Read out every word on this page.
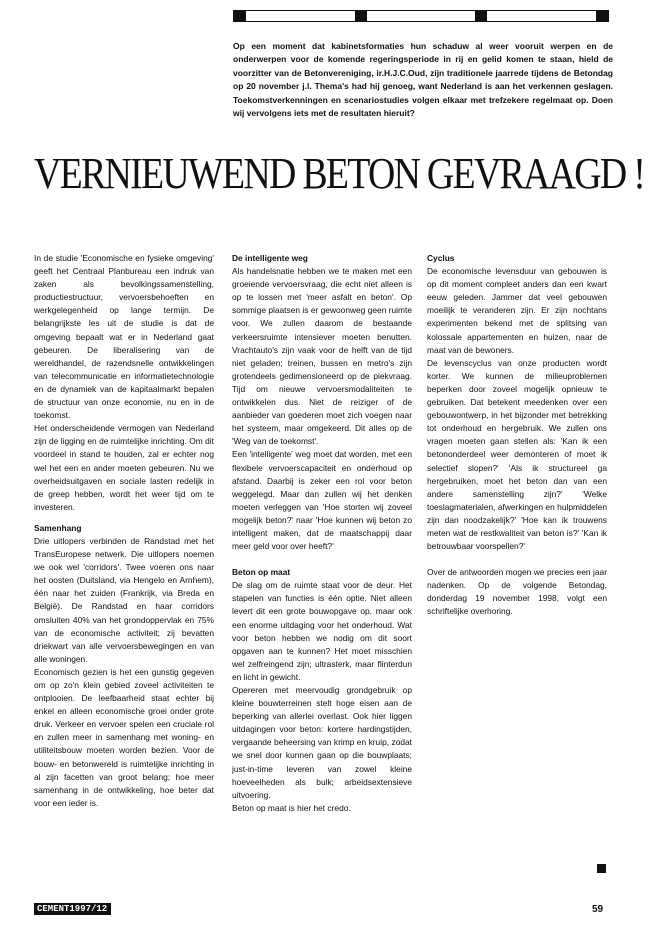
Op een moment dat kabinetsformaties hun schaduw al weer vooruit werpen en de onderwerpen voor de komende regeringsperiode in rij en gelid komen te staan, hield de voorzitter van de Betonvereniging, ir.H.J.C.Oud, zijn traditionele jaarrede tijdens de Betondag op 20 november j.l. Thema's had hij genoeg, want Nederland is aan het verkennen geslagen. Toekomstverkenningen en scenariostudies volgen elkaar met trefzekere regelmaat op. Doen wij vervolgens iets met de resultaten hieruit?

VERNIEUWEND BETON GEVRAAGD !

In de studie 'Economische en fysieke omgeving' geeft het Centraal Planbureau een indruk van zaken als bevolkingssamenstelling, productiestructuur, vervoersbehoeften en werkgelegenheid op lange termijn. De belangrijkste les uit de studie is dat de omgeving bepaalt wat er in Nederland gaat gebeuren. De liberalisering van de wereldhandel, de razendsnelle ontwikkelingen van telecommunicatie en informatietechnologie en de dynamiek van de kapitaalmarkt bepalen de structuur van onze economie, nu en in de toekomst.

Het onderscheidende vermogen van Nederland zijn de ligging en de ruimtelijke inrichting. Om dit voordeel in stand te houden, zal er echter nog wel het een en ander moeten gebeuren. Nu we overheidsuitgaven en sociale lasten redelijk in de greep hebben, wordt het weer tijd om te investeren.

Samenhang

Drie uitlopers verbinden de Randstad met het TransEuropese netwerk. Die uitlopers noemen we ook wel 'corridors'. Twee voeren ons naar het oosten (Duitsland, via Hengelo en Arnhem), één naar het zuiden (Frankrijk, via Breda en België). De Randstad en haar corridors omsluiten 40% van het grondoppervlak en 75% van de economische activiteit; zij bevatten driekwart van alle vervoersbewegingen en van alle woningen.

Economisch gezien is het een gunstig gegeven om op zo'n klein gebied zoveel activiteiten te ontplooien. De leefbaarheid staat echter bij enkel en alleen economische groei onder grote druk. Verkeer en vervoer spelen een cruciale rol en zullen meer in samenhang met woning- en utiliteitsbouw moeten worden bezien. Voor de bouw- en betonwereld is ruimtelijke inrichting in al zijn facetten van groot belang; hoe meer samenhang in de ontwikkeling, hoe beter dat voor een ieder is.

De intelligente weg

Als handelsnatie hebben we te maken met een groeiende vervoersvraag, die echt niet alleen is op te lossen met 'meer asfalt en beton'. Op sommige plaatsen is er gewoonweg geen ruimte voor. We zullen daarom de bestaande verkeersruimte intensiever moeten benutten. Vrachtauto's zijn vaak voor de helft van de tijd niet geladen; treinen, bussen en metro's zijn grotendeels gedimensioneerd op de piekvraag. Tijd om nieuwe vervoersmodaliteiten te ontwikkelen dus. Niet de reiziger of de aanbieder van goederen moet zich voegen naar het systeem, maar omgekeerd. Dit alles op de 'Weg van de toekomst'.

Een 'intelligente' weg moet dat worden, met een flexibele vervoerscapaciteit en onderhoud op afstand. Daarbij is zeker een rol voor beton weggelegd. Maar dan zullen wij het denken moeten verleggen van 'Hoe storten wij zoveel mogelijk beton?' naar 'Hoe kunnen wij beton zo intelligent maken, dat de maatschappij daar meer geld voor over heeft?'

Beton op maat

De slag om de ruimte staat voor de deur. Het stapelen van functies is één optie. Niet alleen levert dit een grote bouwopgave op, maar ook een enorme uitdaging voor het onderhoud. Wat voor beton hebben we nodig om dit soort opgaven aan te kunnen? Het moet misschien wel zelfreingend zijn; ultrasterk, maar flinterdun en licht in gewicht.

Opereren met meervoudig grondgebruik op kleine bouwterreinen stelt hoge eisen aan de beperking van allerlei overlast. Ook hier liggen uitdagingen voor beton: kortere hardingstijden, vergaande beheersing van krimp en kruip, zodat we snel door kunnen gaan op die bouwplaats; just-in-time leveren van zowel kleine hoeveelheden als bulk; arbeidsextensieve uitvoering.

Beton op maat is hier het credo.

Cyclus

De economische levensduur van gebouwen is op dit moment compleet anders dan een kwart eeuw geleden. Jammer dat veel gebouwen moeilijk te veranderen zijn. Er zijn nochtans experimenten bekend met de splitsing van kolossale appartementen en huizen, naar de maat van de bewoners.

De levenscyclus van onze producten wordt korter. We kunnen de milieuproblemen beperken door zoveel mogelijk opnieuw te gebruiken. Dat betekent meedenken over een gebouwontwerp, in het bijzonder met betrekking tot onderhoud en hergebruik. We zullen ons vragen moeten gaan stellen als: 'Kan ik een betononderdeel weer demonteren of moet ik selectief slopen?' 'Als ik structureel ga hergebruiken, moet het beton dan van een andere samenstelling zijn?' 'Welke toeslagmaterialen, afwerkingen en hulpmiddelen zijn dan noodzakelijk?' 'Hoe kan ik trouwens meten wat de restkwaliteit van beton is?' 'Kan ik betrouwbaar voorspellen?'

Over de antwoorden mogen we precies een jaar nadenken. Op de volgende Betondag, donderdag 19 november 1998, volgt een schriftelijke overhoring.

CEMENT1997/12	59
